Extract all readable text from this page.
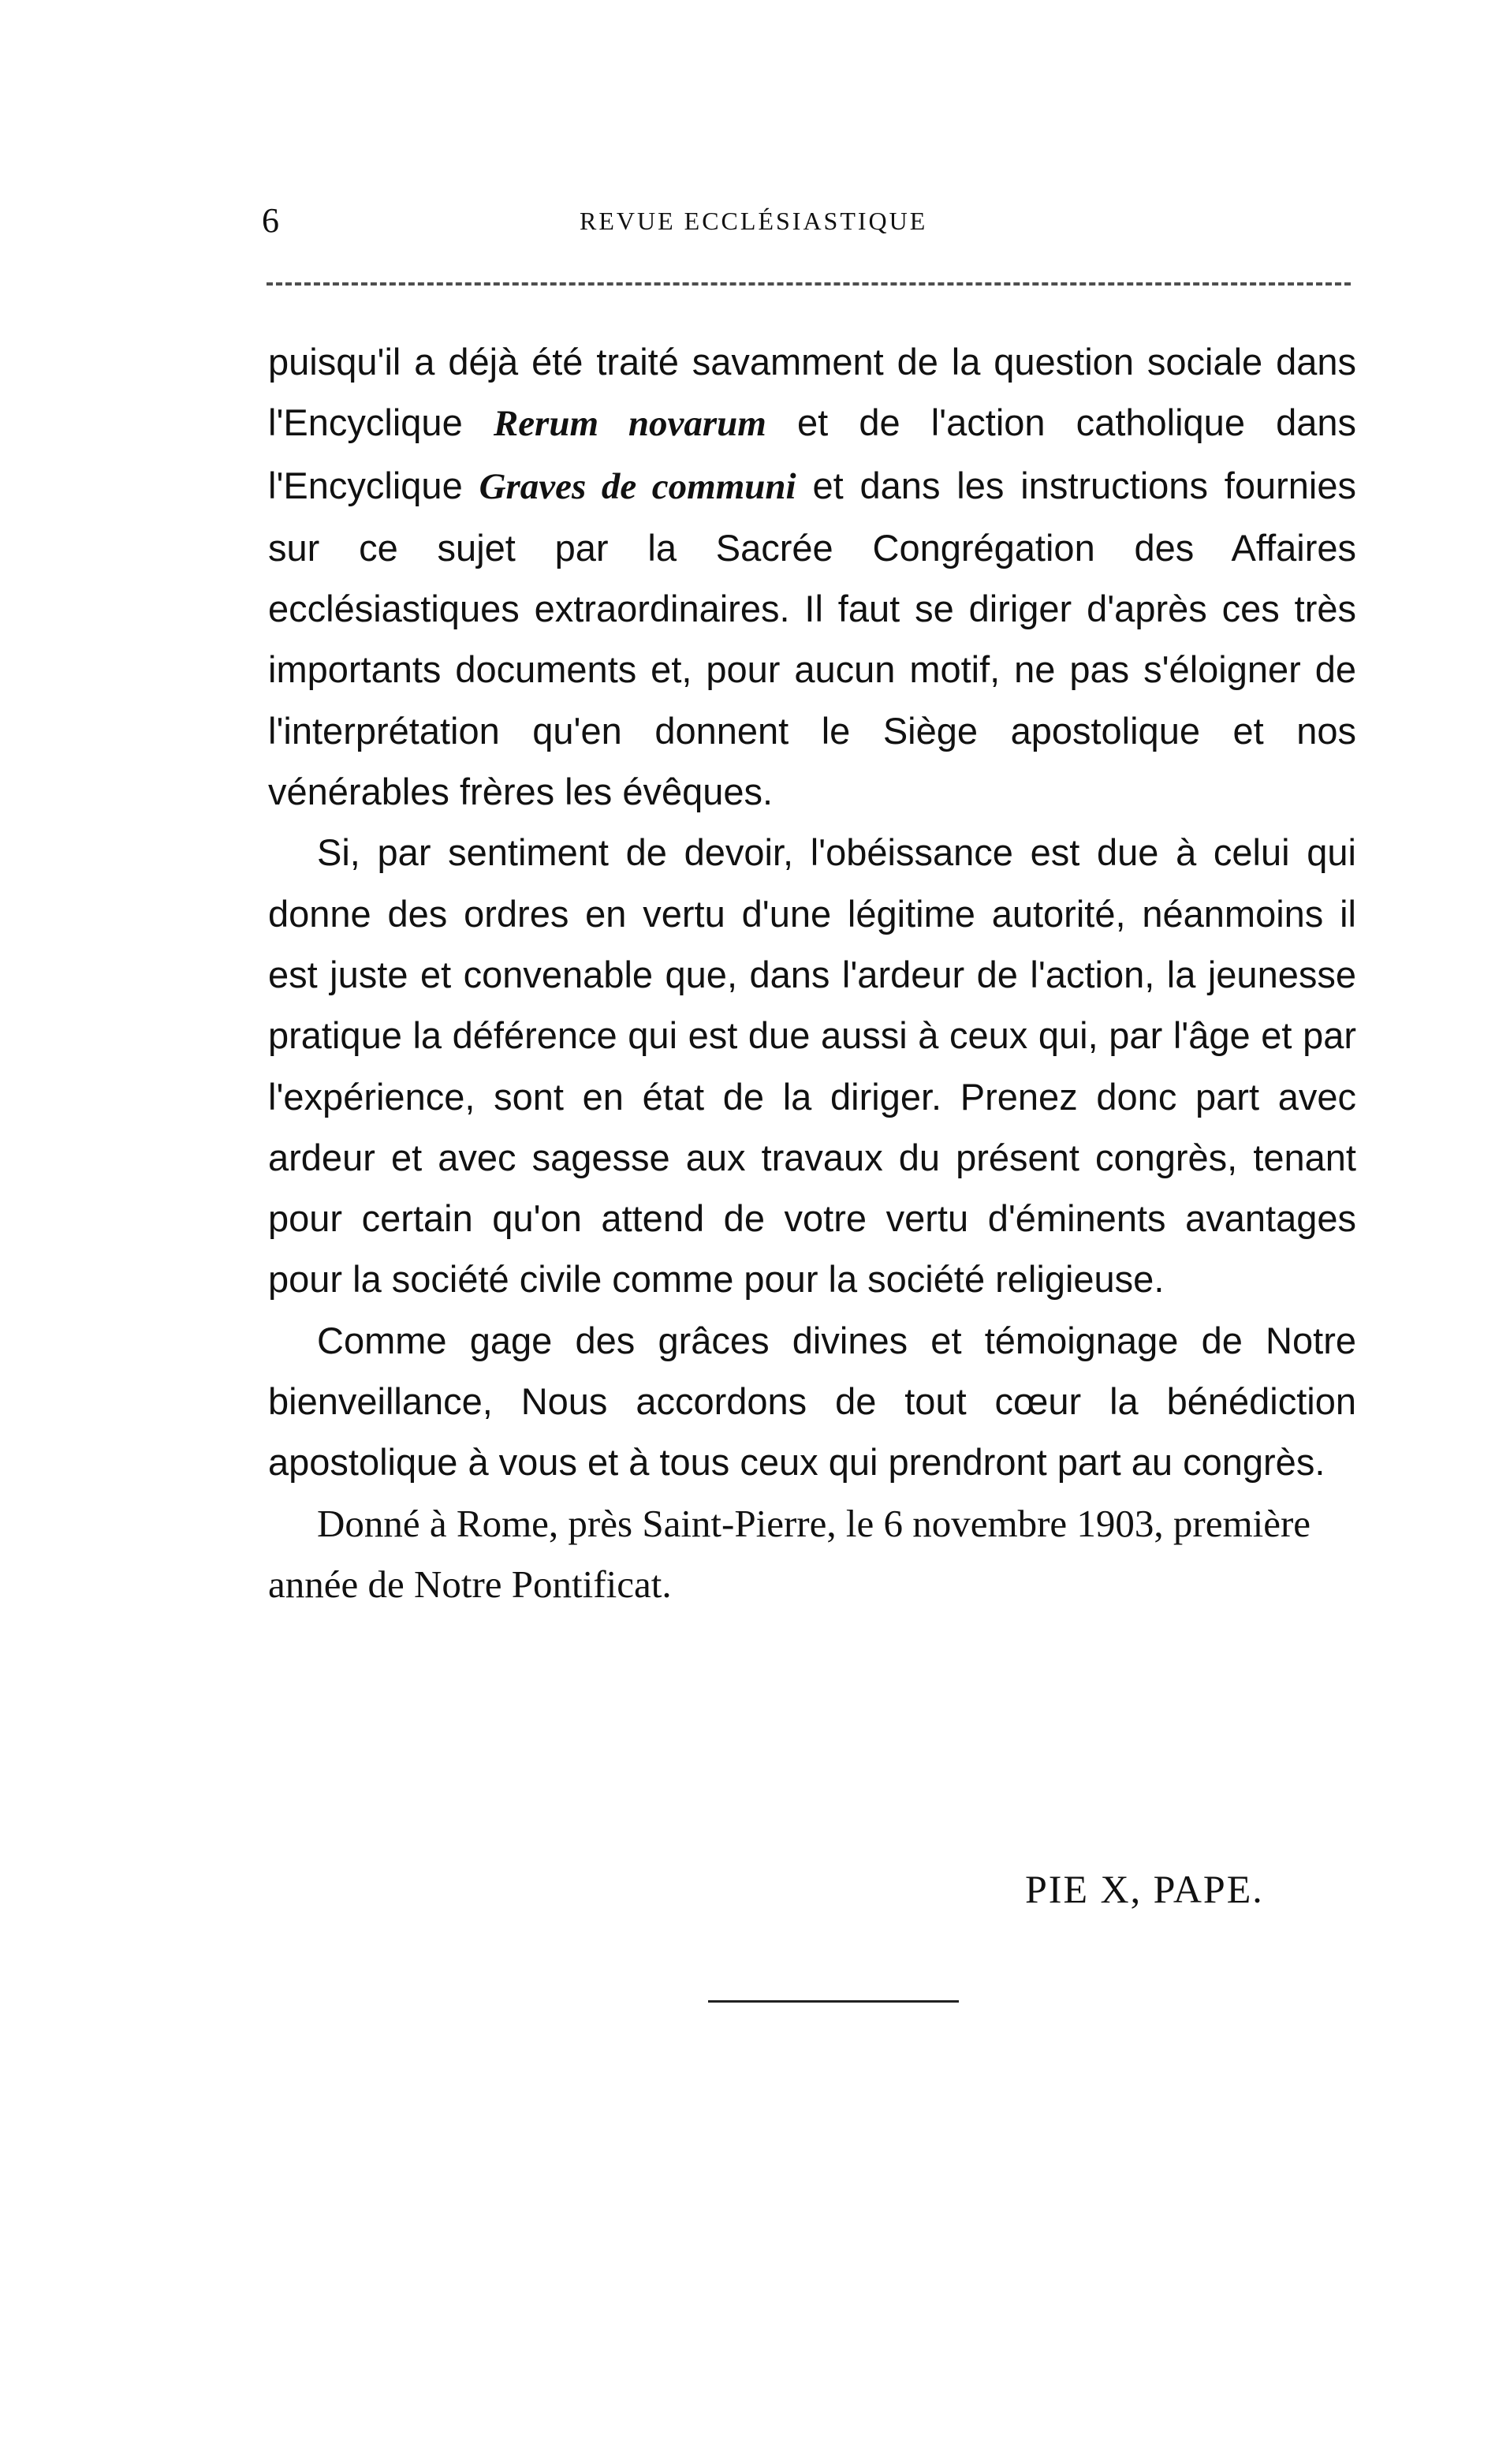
6	REVUE ECCLÉSIASTIQUE

puisqu'il a déjà été traité savamment de la question sociale dans l'Encyclique Rerum novarum et de l'action catholique dans l'Encyclique Graves de communi et dans les instructions fournies sur ce sujet par la Sacrée Congrégation des Affaires ecclésiastiques extraordinaires. Il faut se diriger d'après ces très importants documents et, pour aucun motif, ne pas s'éloigner de l'interprétation qu'en donnent le Siège apostolique et nos vénérables frères les évêques.

Si, par sentiment de devoir, l'obéissance est due à celui qui donne des ordres en vertu d'une légitime autorité, néanmoins il est juste et convenable que, dans l'ardeur de l'action, la jeunesse pratique la déférence qui est due aussi à ceux qui, par l'âge et par l'expérience, sont en état de la diriger. Prenez donc part avec ardeur et avec sagesse aux travaux du présent congrès, tenant pour certain qu'on attend de votre vertu d'éminents avantages pour la société civile comme pour la société religieuse.

Comme gage des grâces divines et témoignage de Notre bienveillance, Nous accordons de tout cœur la bénédiction apostolique à vous et à tous ceux qui prendront part au congrès.

Donné à Rome, près Saint-Pierre, le 6 novembre 1903, première année de Notre Pontificat.

PIE X, PAPE.
